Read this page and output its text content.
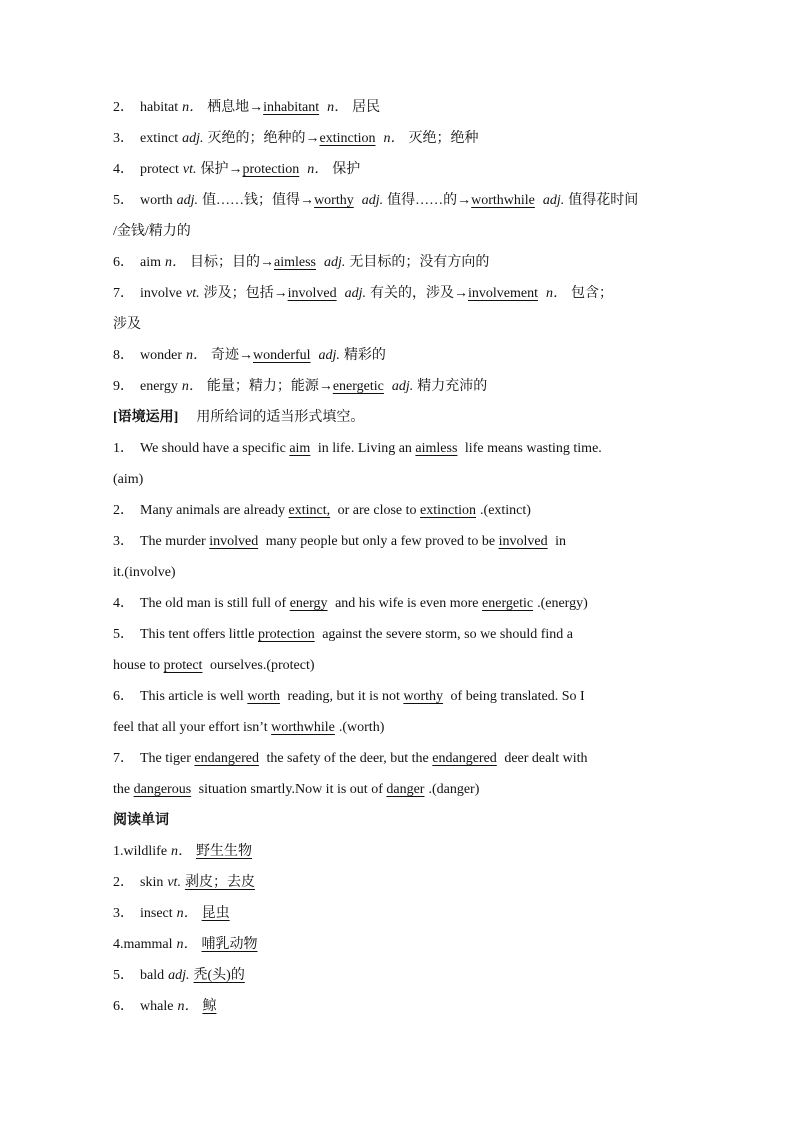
2． habitat n． 栖息地→inhabitant n． 居民
3． extinct adj. 灭绝的；绝种的→extinction n． 灭绝；绝种
4． protect vt. 保护→protection n． 保护
5． worth adj. 值……钱；值得→worthy adj. 值得……的→worthwhile adj. 值得花时间
/金钱/精力的
6． aim n． 目标；目的→aimless adj. 无目标的；没有方向的
7． involve vt. 涉及；包括→involved adj. 有关的，涉及→involvement n． 包含；
涉及
8． wonder n． 奇迹→wonderful adj. 精彩的
9． energy n． 能量；精力；能源→energetic adj. 精力充沛的
[语境运用] 用所给词的适当形式填空。
1． We should have a specific aim in life. Living an aimless life means wasting time.
(aim)
2． Many animals are already extinct, or are close to extinction .(extinct)
3． The murder involved many people but only a few proved to be involved in
it.(involve)
4． The old man is still full of energy and his wife is even more energetic .(energy)
5． This tent offers little protection against the severe storm, so we should find a
house to protect ourselves.(protect)
6． This article is well worth reading, but it is not worthy of being translated. So I
feel that all your effort isn’t worthwhile .(worth)
7． The tiger endangered the safety of the deer, but the endangered deer dealt with
the dangerous situation smartly.Now it is out of danger .(danger)
阅读单词
1.wildlife n． 野生生物
2． skin vt. 剥皮；去皮
3． insect n． 昆虫
4.mammal n． 哺乳动物
5． bald adj. 秃(头)的
6． whale n． 鲸
